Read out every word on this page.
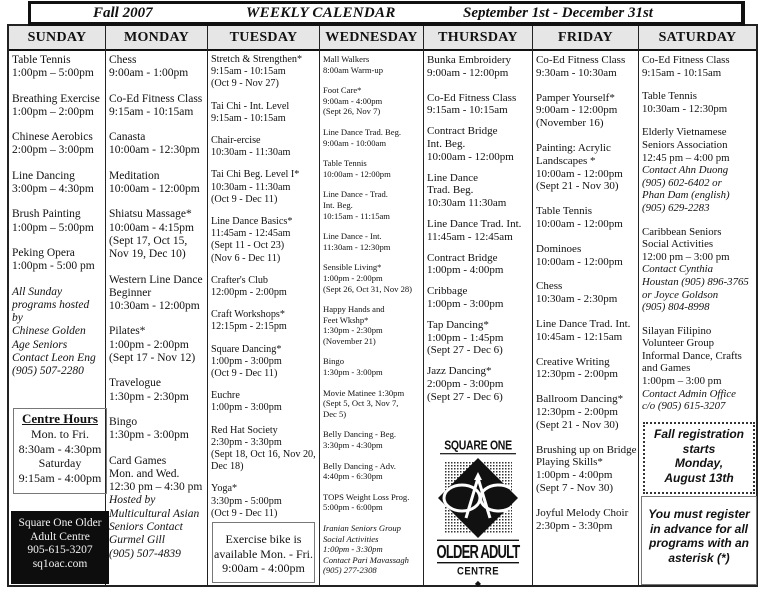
Fall 2007	WEEKLY CALENDAR	September 1st - December 31st
SUNDAY
Table Tennis
1:00pm – 5:00pm
Breathing Exercise
1:00pm – 2:00pm
Chinese Aerobics
2:00pm – 3:00pm
Line Dancing
3:00pm – 4:30pm
Brush Painting
1:00pm – 5:00pm
Peking Opera
1:00pm - 5:00 pm
All Sunday
programs hosted by
Chinese Golden
Age Seniors
Contact Leon Eng
(905) 507-2280
Centre Hours
Mon. to Fri.
8:30am - 4:30pm
Saturday
9:15am - 4:00pm
Square One Older
Adult Centre
905-615-3207
sq1oac.com
MONDAY
Chess
9:00am - 1:00pm
Co-Ed Fitness Class
9:15am - 10:15am
Canasta
10:00am - 12:30pm
Meditation
10:00am - 12:00pm
Shiatsu Massage*
10:00am - 4:15pm
(Sept 17, Oct 15,
Nov 19, Dec 10)
Western Line Dance
Beginner
10:30am - 12:00pm
Pilates*
1:00pm - 2:00pm
(Sept 17 - Nov 12)
Travelogue
1:30pm - 2:30pm
Bingo
1:30pm - 3:00pm
Card Games
Mon. and Wed.
12:30 pm – 4:30 pm
Hosted by
Multicultural Asian
Seniors Contact
Gurmel Gill
(905) 507-4839
TUESDAY
Stretch & Strengthen*
9:15am - 10:15am
(Oct 9 - Nov 27)
Tai Chi - Int. Level
9:15am - 10:15am
Chair-ercise
10:30am - 11:30am
Tai Chi Beg. Level I*
10:30am - 11:30am
(Oct 9 - Dec 11)
Line Dance Basics*
11:45am - 12:45am
(Sept 11 - Oct 23)
(Nov 6 - Dec 11)
Crafter's Club
12:00pm - 2:00pm
Craft Workshops*
12:15pm - 2:15pm
Square Dancing*
1:00pm - 3:00pm
(Oct 9 - Dec 11)
Euchre
1:00pm - 3:00pm
Red Hat Society
2:30pm - 3:30pm
(Sept 18, Oct 16, Nov 20,
Dec 18)
Yoga*
3:30pm - 5:00pm
(Oct 9 - Dec 11)
Exercise bike is
available Mon. - Fri.
9:00am - 4:00pm
WEDNESDAY
Mall Walkers
8:00am Warm-up
Foot Care*
9:00am - 4:00pm
(Sept 26, Nov 7)
Line Dance Trad. Beg.
9:00am - 10:00am
Table Tennis
10:00am - 12:00pm
Line Dance - Trad.
Int. Beg.
10:15am - 11:15am
Line Dance - Int.
11:30am - 12:30pm
Sensible Living*
1:00pm - 2:00pm
(Sept 26, Oct 31, Nov 28)
Happy Hands and
Feet Wkshp*
1:30pm - 2:30pm
(November 21)
Bingo
1:30pm - 3:00pm
Movie Matinee 1:30pm
(Sept 5, Oct 3, Nov 7,
Dec 5)
Belly Dancing - Beg.
3:30pm - 4:30pm
Belly Dancing - Adv.
4:40pm - 6:30pm
TOPS Weight Loss Prog.
5:00pm - 6:00pm
Iranian Seniors Group
Social Activities
1:00pm - 3:30pm
Contact Pari Mavassagh
(905) 277-2308
THURSDAY
Bunka Embroidery
9:00am - 12:00pm
Co-Ed Fitness Class
9:15am - 10:15am
Contract Bridge
Int. Beg.
10:00am - 12:00pm
Line Dance
Trad. Beg.
10:30am 11:30am
Line Dance Trad. Int.
11:45am - 12:45am
Contract Bridge
1:00pm - 4:00pm
Cribbage
1:00pm - 3:00pm
Tap Dancing*
1:00pm - 1:45pm
(Sept 27 - Dec 6)
Jazz Dancing*
2:00pm - 3:00pm
(Sept 27 - Dec 6)
SQUARE ONE
OLDER ADULT
CENTRE
◆
FRIDAY
Co-Ed Fitness Class
9:30am - 10:30am
Pamper Yourself*
9:00am - 12:00pm
(November 16)
Painting: Acrylic
Landscapes *
10:00am - 12:00pm
(Sept 21 - Nov 30)
Table Tennis
10:00am - 12:00pm
Dominoes
10:00am - 12:00pm
Chess
10:30am - 2:30pm
Line Dance Trad. Int.
10:45am - 12:15am
Creative Writing
12:30pm - 2:00pm
Ballroom Dancing*
12:30pm - 2:00pm
(Sept 21 - Nov 30)
Brushing up on Bridge
Playing Skills*
1:00pm - 4:00pm
(Sept 7 - Nov 30)
Joyful Melody Choir
2:30pm - 3:30pm
SATURDAY
Co-Ed Fitness Class
9:15am - 10:15am
Table Tennis
10:30am - 12:30pm
Elderly Vietnamese
Seniors Association
12:45 pm – 4:00 pm
Contact Ahn Duong
(905) 602-6402 or
Phan Dam (english)
(905) 629-2283
Caribbean Seniors
Social Activities
12:00 pm – 3:00 pm
Contact Cynthia
Houstan (905) 896-3765
or Joyce Goldson
(905) 804-8998
Silayan Filipino
Volunteer Group
Informal Dance, Crafts
and Games
1:00pm – 3:00 pm
Contact Admin Office
c/o (905) 615-3207
Fall registration
starts
Monday,
August 13th
You must register
in advance for all
programs with an
asterisk (*)
